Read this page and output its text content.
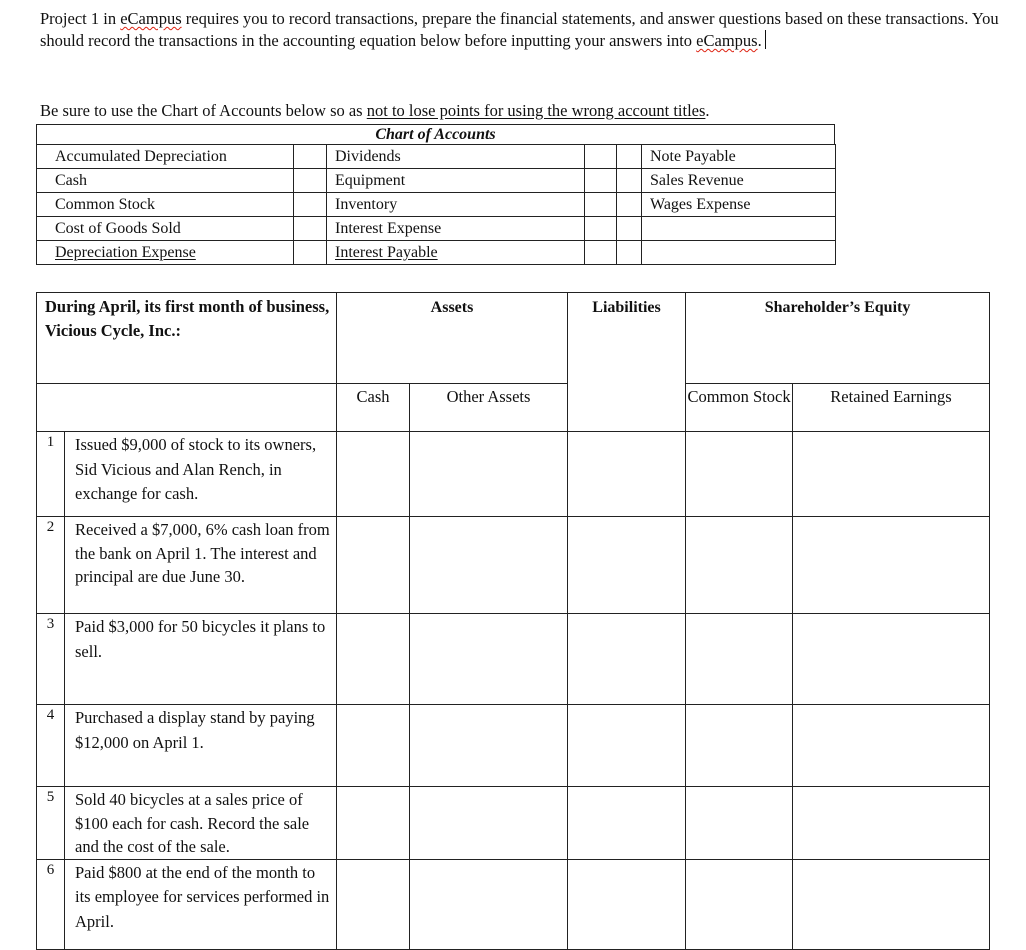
Project 1 in eCampus requires you to record transactions, prepare the financial statements, and answer questions based on these transactions. You should record the transactions in the accounting equation below before inputting your answers into eCampus.
Be sure to use the Chart of Accounts below so as not to lose points for using the wrong account titles.
Chart of Accounts
Accumulated Depreciation		Dividends			Note Payable
Cash		Equipment			Sales Revenue
Common Stock		Inventory			Wages Expense
Cost of Goods Sold		Interest Expense			
Depreciation Expense		Interest Payable			
During April, its first month of business, Vicious Cycle, Inc.:		Assets		Liabilities	Shareholder’s Equity	
		Cash	Other Assets		Common Stock	Retained Earnings
1	Issued $9,000 of stock to its owners, Sid Vicious and Alan Rench, in exchange for cash.					
2	Received a $7,000, 6% cash loan from the bank on April 1. The interest and principal are due June 30.					
3	Paid $3,000 for 50 bicycles it plans to sell.					
4	Purchased a display stand by paying $12,000 on April 1.					
5	Sold 40 bicycles at a sales price of $100 each for cash. Record the sale and the cost of the sale.					
6	Paid $800 at the end of the month to its employee for services performed in April.					
